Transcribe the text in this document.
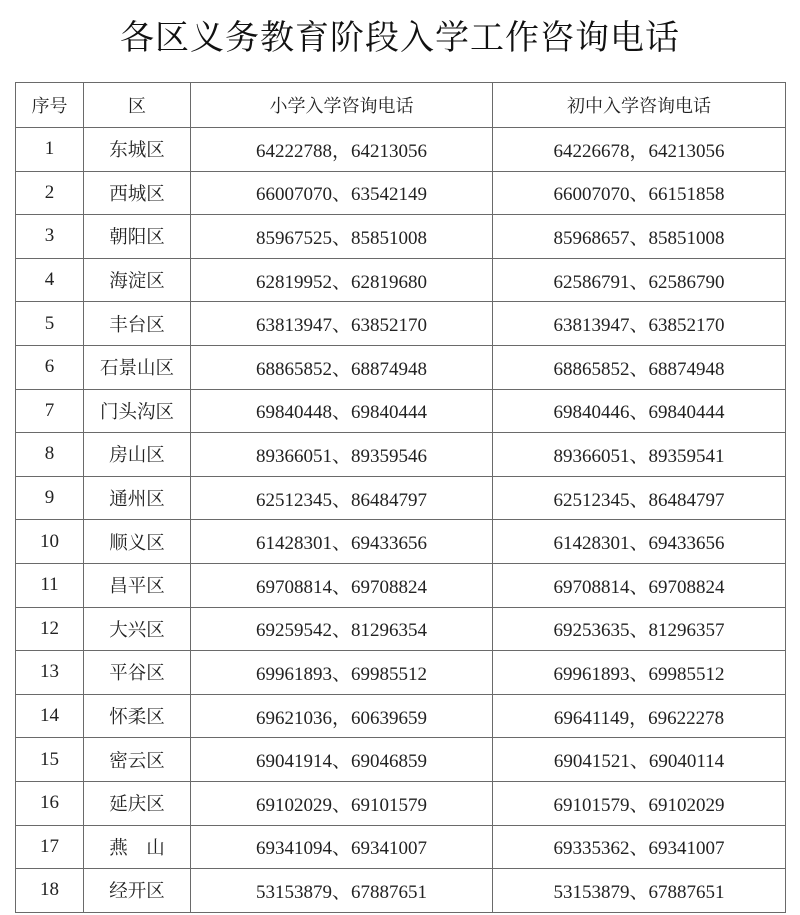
各区义务教育阶段入学工作咨询电话
序号	区	小学入学咨询电话	初中入学咨询电话
1	东城区	64222788，64213056	64226678，64213056
2	西城区	66007070、63542149	66007070、66151858
3	朝阳区	85967525、85851008	85968657、85851008
4	海淀区	62819952、62819680	62586791、62586790
5	丰台区	63813947、63852170	63813947、63852170
6	石景山区	68865852、68874948	68865852、68874948
7	门头沟区	69840448、69840444	69840446、69840444
8	房山区	89366051、89359546	89366051、89359541
9	通州区	62512345、86484797	62512345、86484797
10	顺义区	61428301、69433656	61428301、69433656
11	昌平区	69708814、69708824	69708814、69708824
12	大兴区	69259542、81296354	69253635、81296357
13	平谷区	69961893、69985512	69961893、69985512
14	怀柔区	69621036，60639659	69641149，69622278
15	密云区	69041914、69046859	69041521、69040114
16	延庆区	69102029、69101579	69101579、69102029
17	燕　山	69341094、69341007	69335362、69341007
18	经开区	53153879、67887651	53153879、67887651
